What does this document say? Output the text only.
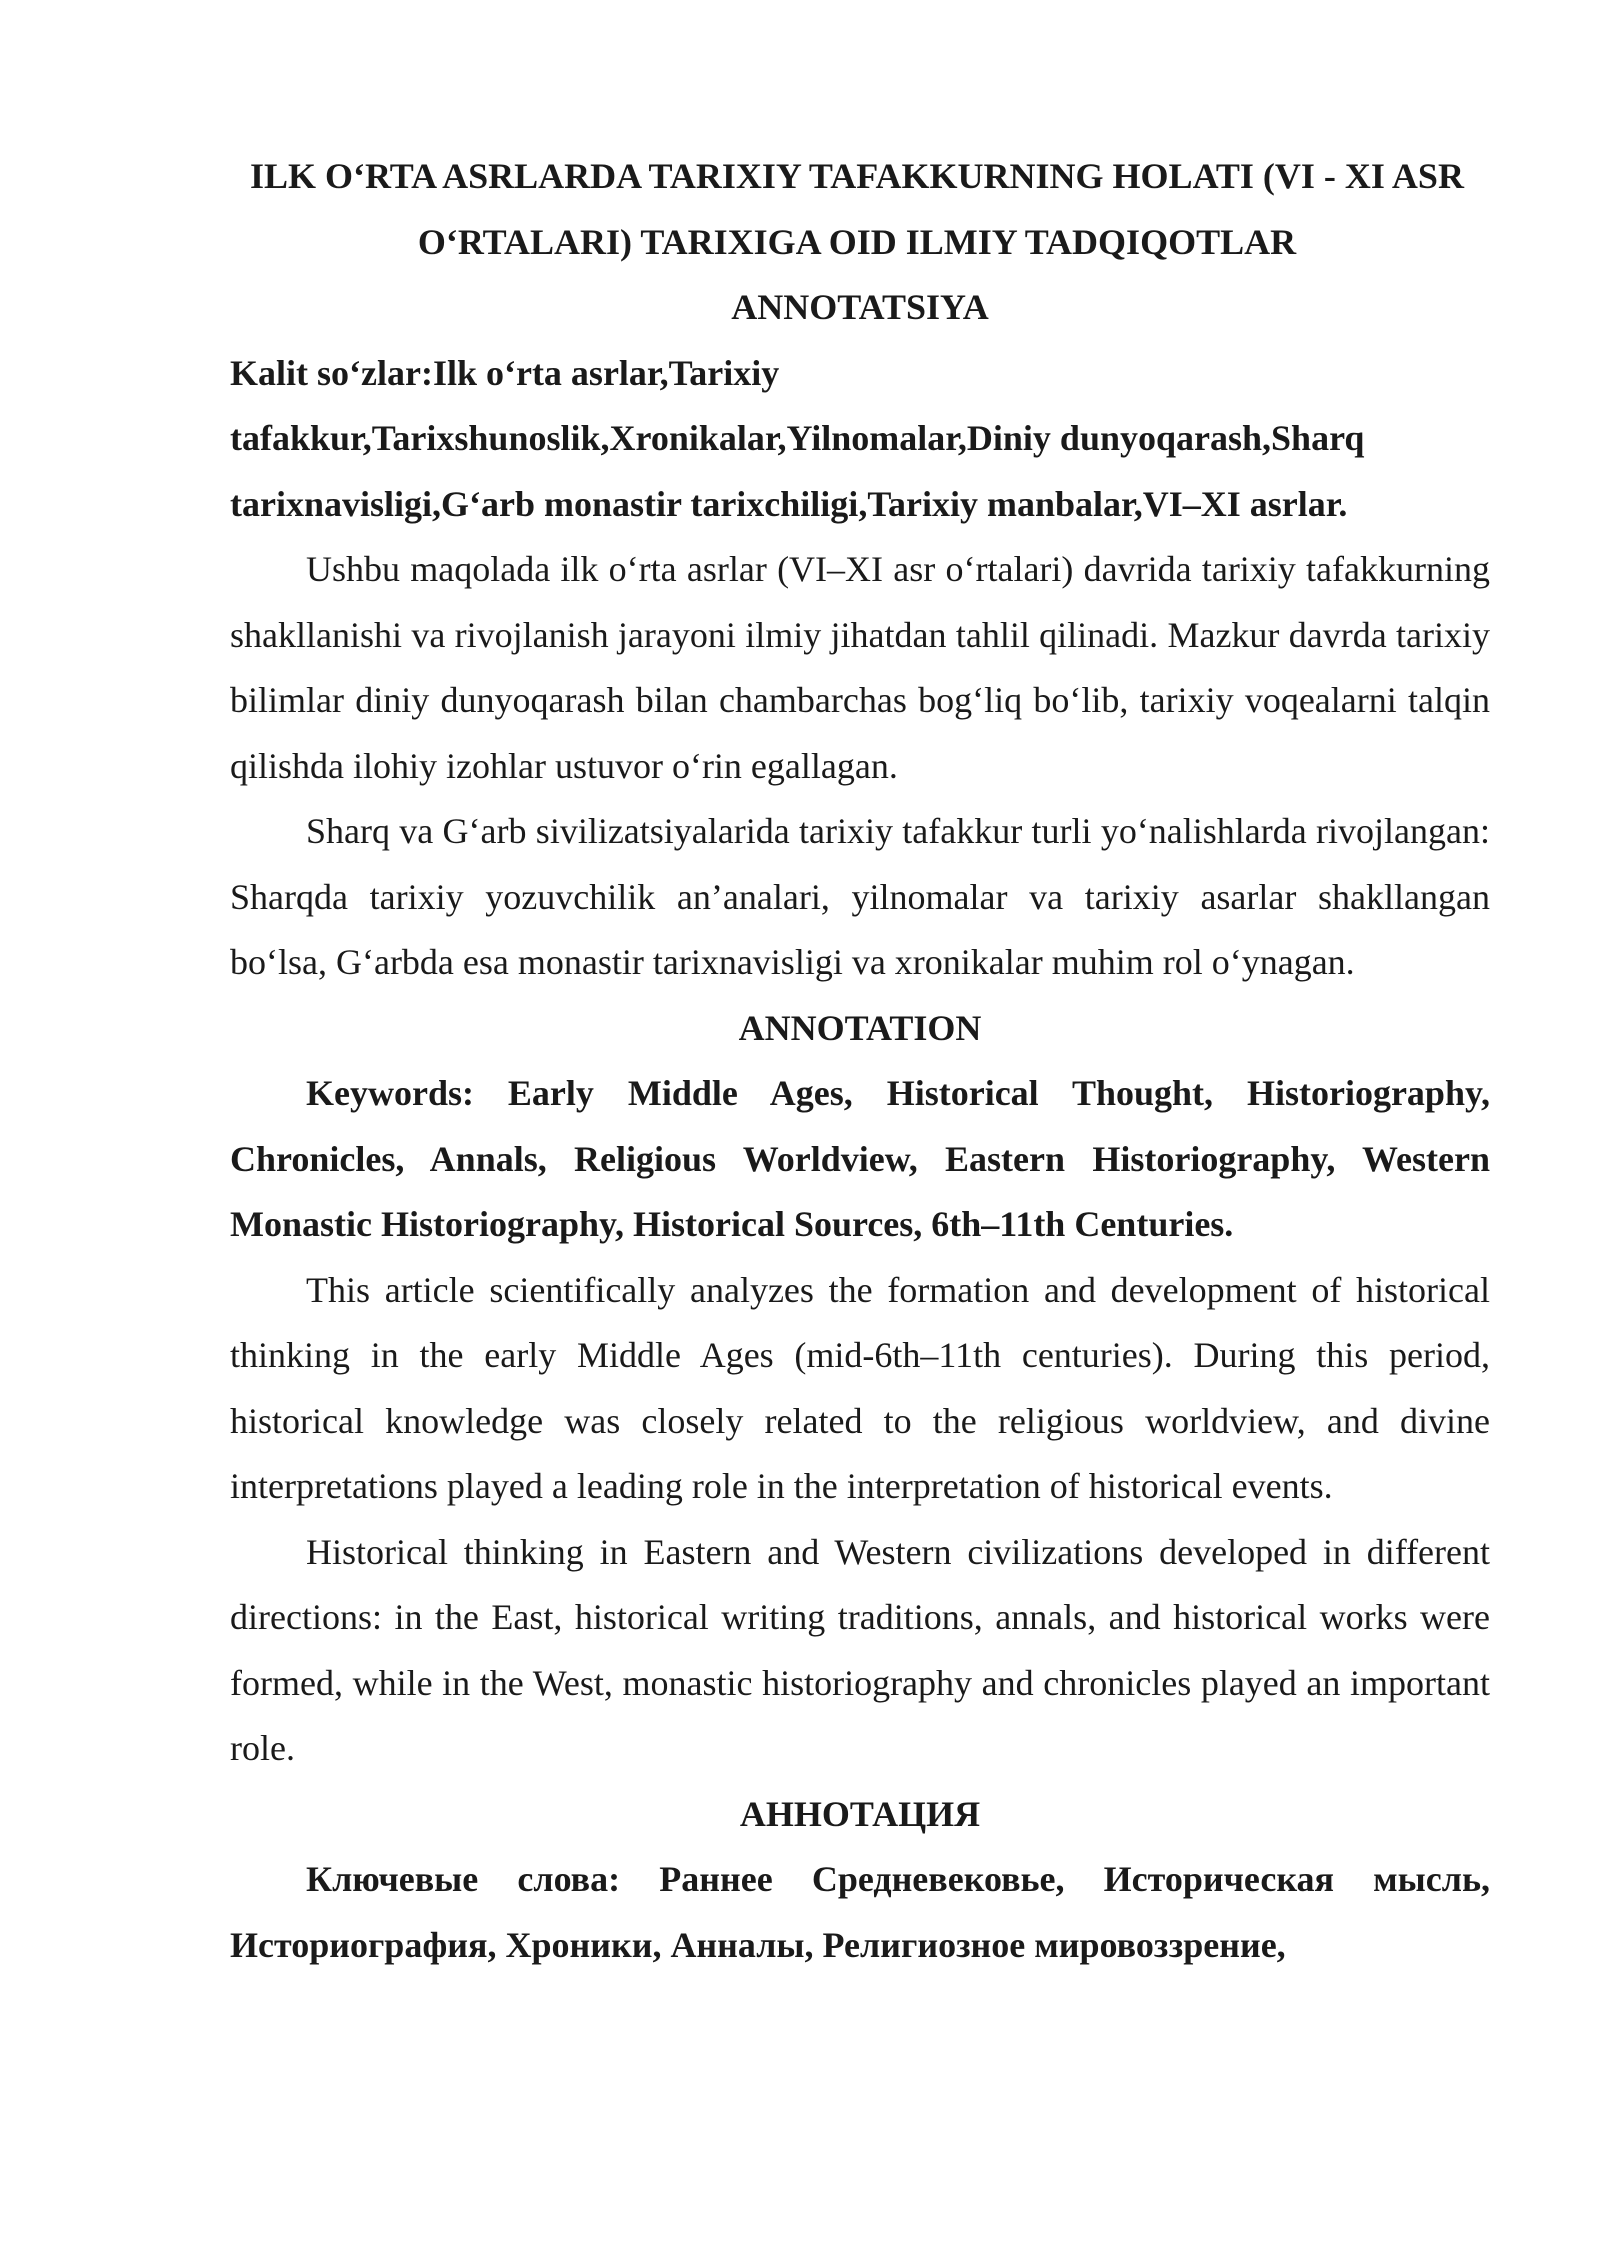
ILK O‘RTA ASRLARDA TARIXIY TAFAKKURNING HOLATI (VI - XI ASR O‘RTALARI) TARIXIGA OID ILMIY TADQIQOTLAR

ANNOTATSIYA

Kalit so‘zlar:Ilk o‘rta asrlar,Tarixiy tafakkur,Tarixshunoslik,Xronikalar,Yilnomalar,Diniy dunyoqarash,Sharq tarixnavisligi,G‘arb monastir tarixchiligi,Tarixiy manbalar,VI–XI asrlar.

Ushbu maqolada ilk o‘rta asrlar (VI–XI asr o‘rtalari) davrida tarixiy tafakkurning shakllanishi va rivojlanish jarayoni ilmiy jihatdan tahlil qilinadi. Mazkur davrda tarixiy bilimlar diniy dunyoqarash bilan chambarchas bog‘liq bo‘lib, tarixiy voqealarni talqin qilishda ilohiy izohlar ustuvor o‘rin egallagan.

Sharq va G‘arb sivilizatsiyalarida tarixiy tafakkur turli yo‘nalishlarda rivojlangan: Sharqda tarixiy yozuvchilik an’analari, yilnomalar va tarixiy asarlar shakllangan bo‘lsa, G‘arbda esa monastir tarixnavisligi va xronikalar muhim rol o‘ynagan.

ANNOTATION

Keywords: Early Middle Ages, Historical Thought, Historiography, Chronicles, Annals, Religious Worldview, Eastern Historiography, Western Monastic Historiography, Historical Sources, 6th–11th Centuries.

This article scientifically analyzes the formation and development of historical thinking in the early Middle Ages (mid-6th–11th centuries). During this period, historical knowledge was closely related to the religious worldview, and divine interpretations played a leading role in the interpretation of historical events.

Historical thinking in Eastern and Western civilizations developed in different directions: in the East, historical writing traditions, annals, and historical works were formed, while in the West, monastic historiography and chronicles played an important role.

АННОТАЦИЯ

Ключевые слова: Раннее Средневековье, Историческая мысль, Историография, Хроники, Анналы, Религиозное мировоззрение,
